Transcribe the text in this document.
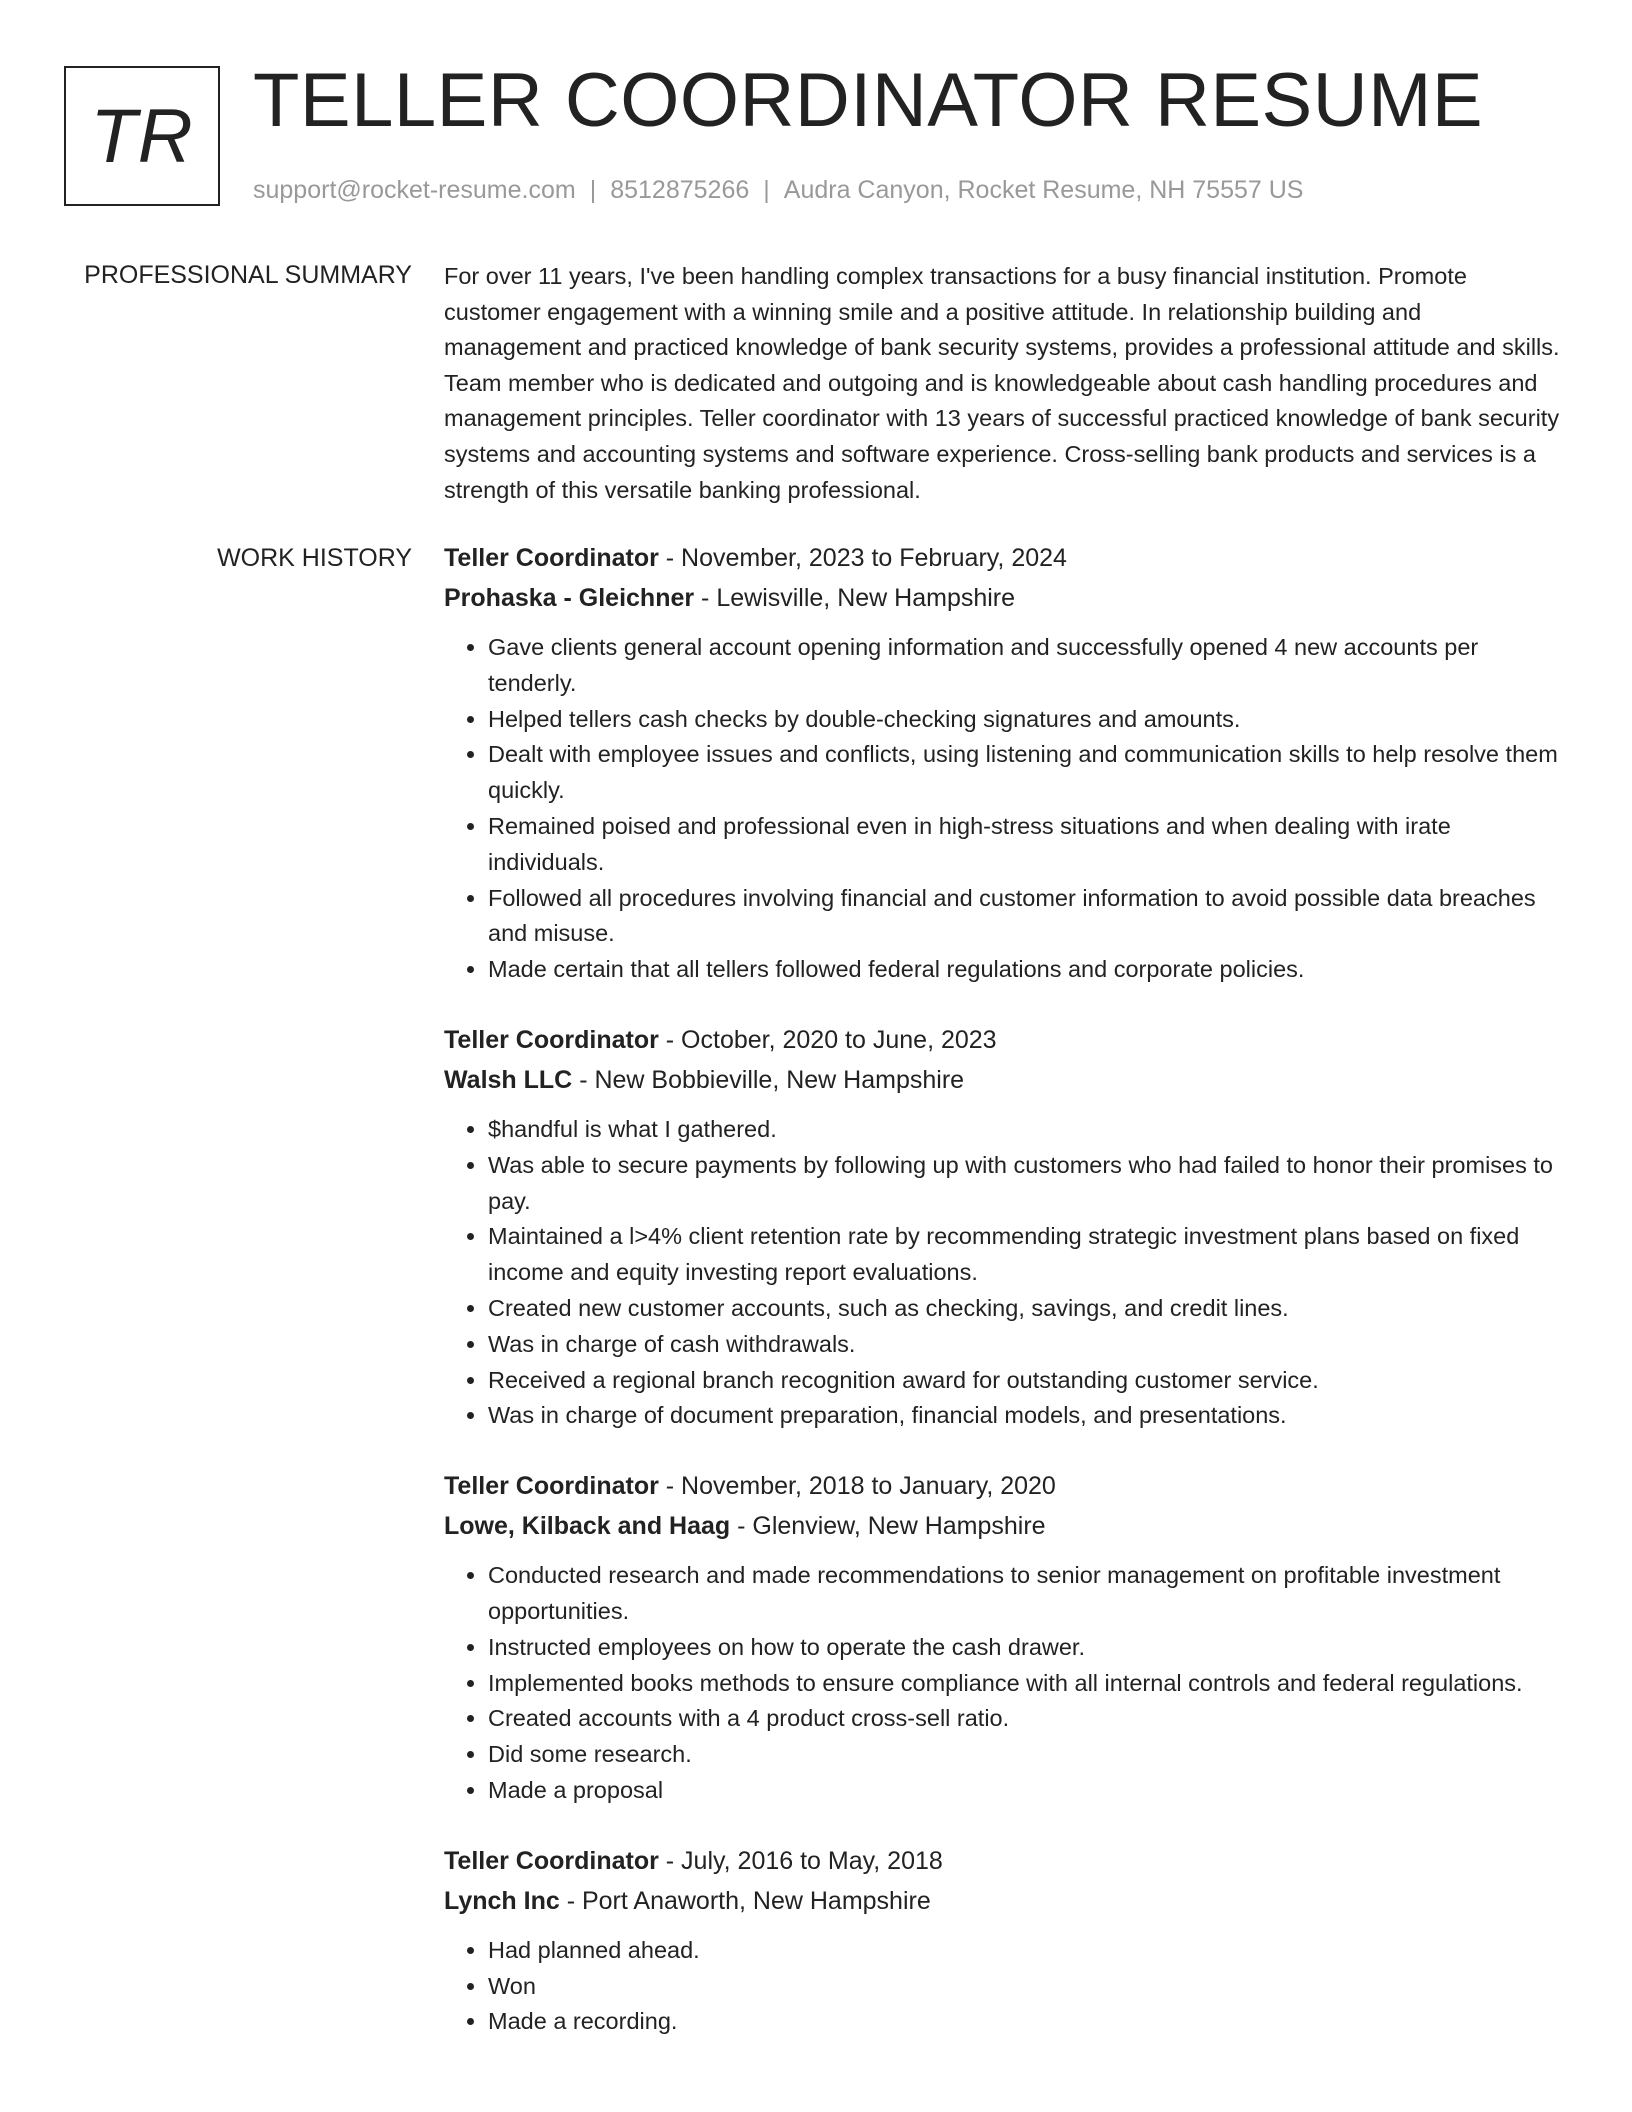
TR TELLER COORDINATOR RESUME
support@rocket-resume.com | 8512875266 | Audra Canyon, Rocket Resume, NH 75557 US
PROFESSIONAL SUMMARY For over 11 years, I've been handling complex transactions for a busy financial institution. Promote customer engagement with a winning smile and a positive attitude. In relationship building and management and practiced knowledge of bank security systems, provides a professional attitude and skills. Team member who is dedicated and outgoing and is knowledgeable about cash handling procedures and management principles. Teller coordinator with 13 years of successful practiced knowledge of bank security systems and accounting systems and software experience. Cross-selling bank products and services is a strength of this versatile banking professional.

WORK HISTORY Teller Coordinator - November, 2023 to February, 2024
Prohaska - Gleichner - Lewisville, New Hampshire
• Gave clients general account opening information and successfully opened 4 new accounts per tenderly.
• Helped tellers cash checks by double-checking signatures and amounts.
• Dealt with employee issues and conflicts, using listening and communication skills to help resolve them quickly.
• Remained poised and professional even in high-stress situations and when dealing with irate individuals.
• Followed all procedures involving financial and customer information to avoid possible data breaches and misuse.
• Made certain that all tellers followed federal regulations and corporate policies.
Teller Coordinator - October, 2020 to June, 2023
Walsh LLC - New Bobbieville, New Hampshire
• $handful is what I gathered.
• Was able to secure payments by following up with customers who had failed to honor their promises to pay.
• Maintained a l>4% client retention rate by recommending strategic investment plans based on fixed income and equity investing report evaluations.
• Created new customer accounts, such as checking, savings, and credit lines.
• Was in charge of cash withdrawals.
• Received a regional branch recognition award for outstanding customer service.
• Was in charge of document preparation, financial models, and presentations.
Teller Coordinator - November, 2018 to January, 2020
Lowe, Kilback and Haag - Glenview, New Hampshire
• Conducted research and made recommendations to senior management on profitable investment opportunities.
• Instructed employees on how to operate the cash drawer.
• Implemented books methods to ensure compliance with all internal controls and federal regulations.
• Created accounts with a 4 product cross-sell ratio.
• Did some research.
• Made a proposal
Teller Coordinator - July, 2016 to May, 2018
Lynch Inc - Port Anaworth, New Hampshire
• Had planned ahead.
• Won
• Made a recording.
